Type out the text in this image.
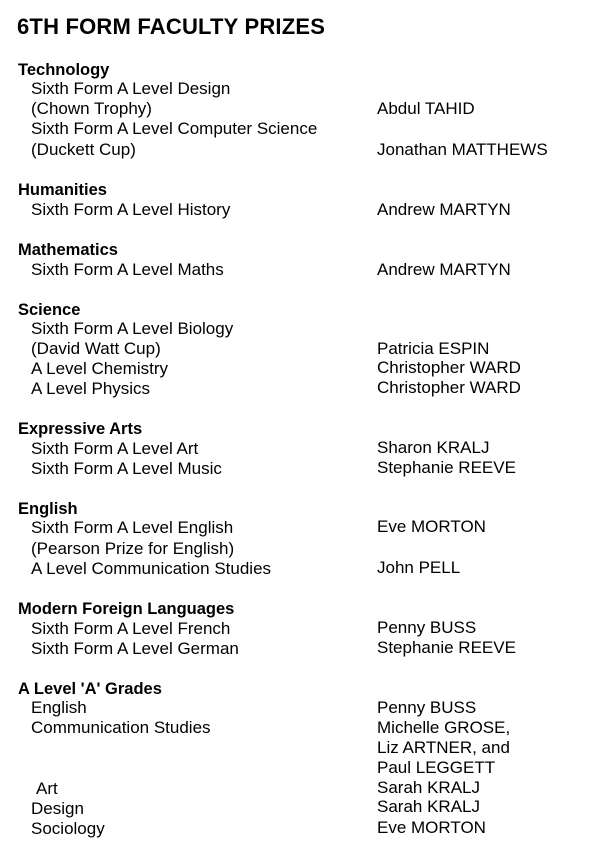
6TH FORM FACULTY PRIZES
Technology
Sixth Form A Level Design
(Chown Trophy)	Abdul TAHID
Sixth Form A Level Computer Science
(Duckett Cup)	Jonathan MATTHEWS
Humanities
Sixth Form A Level History	Andrew MARTYN
Mathematics
Sixth Form A Level Maths	Andrew MARTYN
Science
Sixth Form A Level Biology
(David Watt Cup)	Patricia ESPIN
A Level Chemistry	Christopher WARD
A Level Physics	Christopher WARD
Expressive Arts
Sixth Form A Level Art	Sharon KRALJ
Sixth Form A Level Music	Stephanie REEVE
English
Sixth Form A Level English	Eve MORTON
(Pearson Prize for English)
A Level Communication Studies	John PELL
Modern Foreign Languages
Sixth Form A Level French	Penny BUSS
Sixth Form A Level German	Stephanie REEVE
A Level 'A' Grades
English	Penny BUSS
Communication Studies	Michelle GROSE,
Liz ARTNER, and
Paul LEGGETT
Art	Sarah KRALJ
Design	Sarah KRALJ
Sociology	Eve MORTON
